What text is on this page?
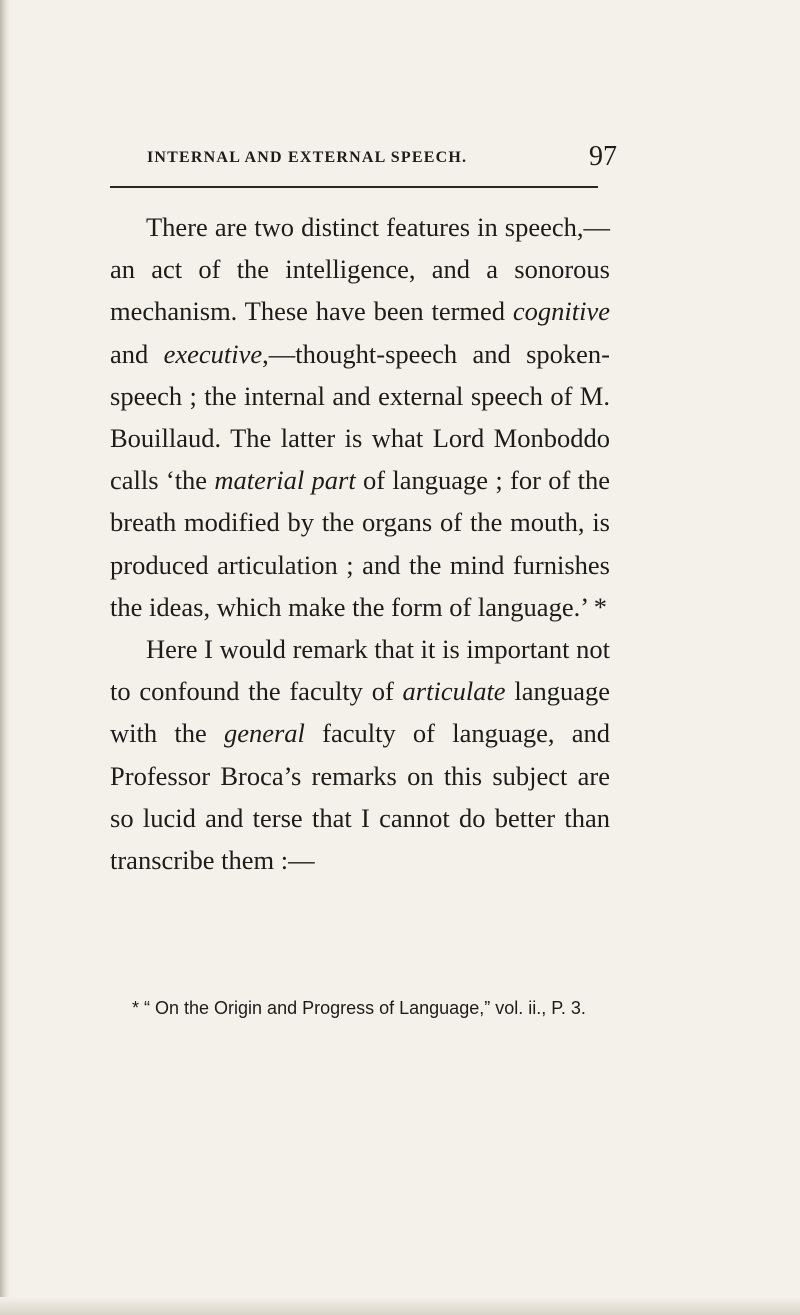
INTERNAL AND EXTERNAL SPEECH.	97

There are two distinct features in speech,—an act of the intelligence, and a sonorous mechanism. These have been termed cognitive and executive,—thought-speech and spoken-speech ; the internal and external speech of M. Bouillaud. The latter is what Lord Monboddo calls ‘the material part of language ; for of the breath modified by the organs of the mouth, is produced articulation ; and the mind furnishes the ideas, which make the form of language.’ *

Here I would remark that it is important not to confound the faculty of articulate language with the general faculty of language, and Professor Broca’s remarks on this subject are so lucid and terse that I cannot do better than transcribe them :—

* “ On the Origin and Progress of Language,” vol. ii., P. 3.
